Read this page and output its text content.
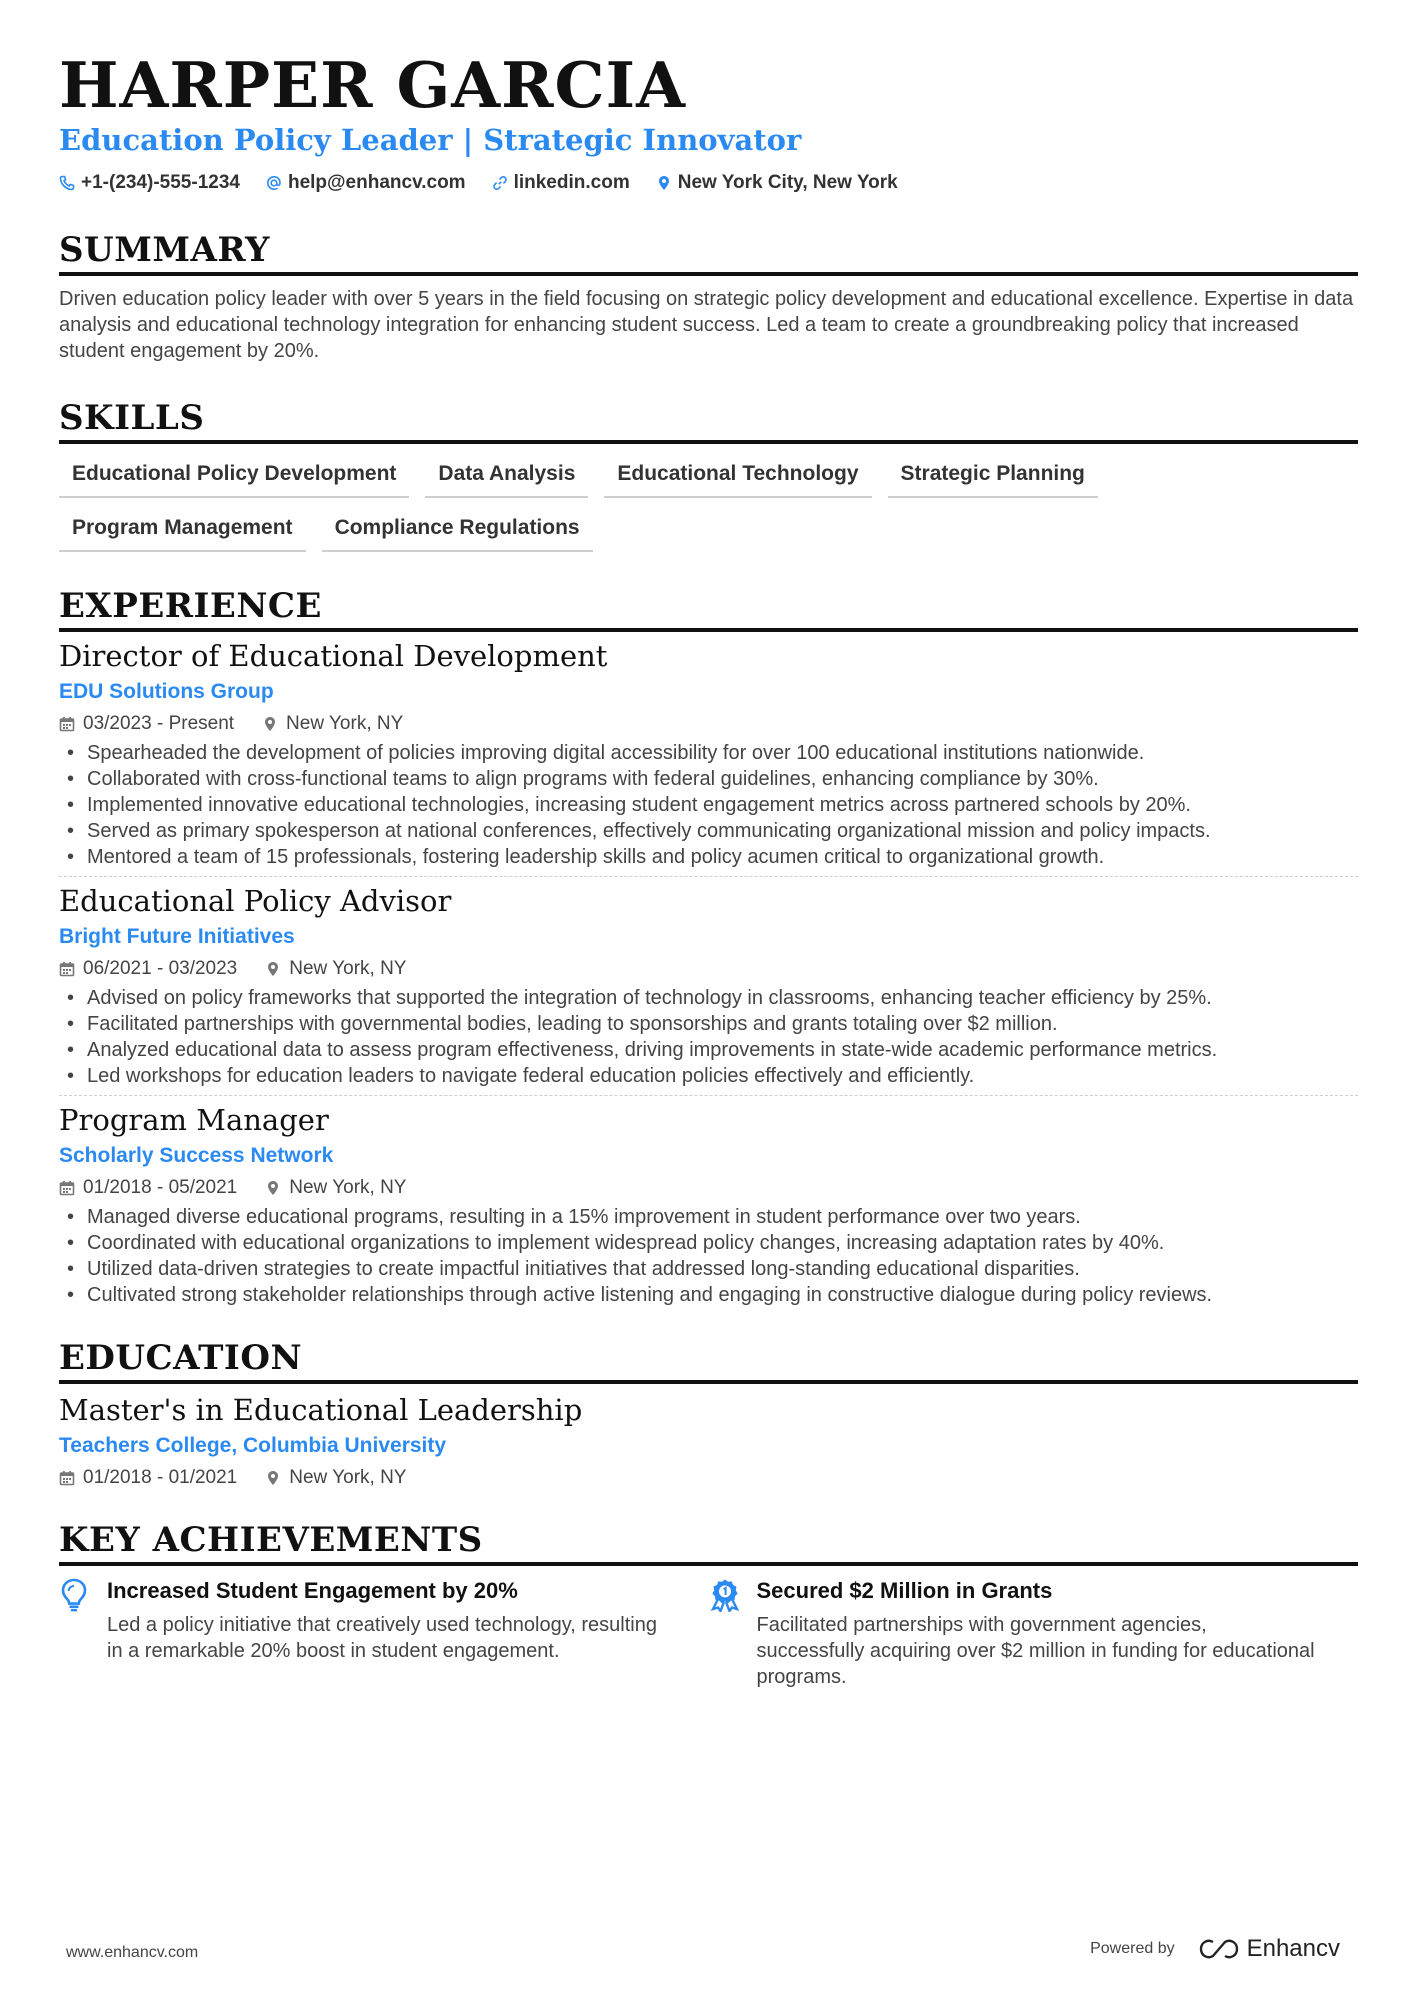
HARPER GARCIA
Education Policy Leader | Strategic Innovator
+1-(234)-555-1234	help@enhancv.com	linkedin.com	New York City, New York
SUMMARY
Driven education policy leader with over 5 years in the field focusing on strategic policy development and educational excellence. Expertise in data analysis and educational technology integration for enhancing student success. Led a team to create a groundbreaking policy that increased student engagement by 20%.
SKILLS
Educational Policy Development	Data Analysis	Educational Technology	Strategic Planning
Program Management	Compliance Regulations
EXPERIENCE
Director of Educational Development
EDU Solutions Group
03/2023 - Present	New York, NY
• Spearheaded the development of policies improving digital accessibility for over 100 educational institutions nationwide.
• Collaborated with cross-functional teams to align programs with federal guidelines, enhancing compliance by 30%.
• Implemented innovative educational technologies, increasing student engagement metrics across partnered schools by 20%.
• Served as primary spokesperson at national conferences, effectively communicating organizational mission and policy impacts.
• Mentored a team of 15 professionals, fostering leadership skills and policy acumen critical to organizational growth.
Educational Policy Advisor
Bright Future Initiatives
06/2021 - 03/2023	New York, NY
• Advised on policy frameworks that supported the integration of technology in classrooms, enhancing teacher efficiency by 25%.
• Facilitated partnerships with governmental bodies, leading to sponsorships and grants totaling over $2 million.
• Analyzed educational data to assess program effectiveness, driving improvements in state-wide academic performance metrics.
• Led workshops for education leaders to navigate federal education policies effectively and efficiently.
Program Manager
Scholarly Success Network
01/2018 - 05/2021	New York, NY
• Managed diverse educational programs, resulting in a 15% improvement in student performance over two years.
• Coordinated with educational organizations to implement widespread policy changes, increasing adaptation rates by 40%.
• Utilized data-driven strategies to create impactful initiatives that addressed long-standing educational disparities.
• Cultivated strong stakeholder relationships through active listening and engaging in constructive dialogue during policy reviews.
EDUCATION
Master's in Educational Leadership
Teachers College, Columbia University
01/2018 - 01/2021	New York, NY
KEY ACHIEVEMENTS
Increased Student Engagement by 20%
Led a policy initiative that creatively used technology, resulting in a remarkable 20% boost in student engagement.
Secured $2 Million in Grants
Facilitated partnerships with government agencies, successfully acquiring over $2 million in funding for educational programs.
www.enhancv.com	Powered by	Enhancv
